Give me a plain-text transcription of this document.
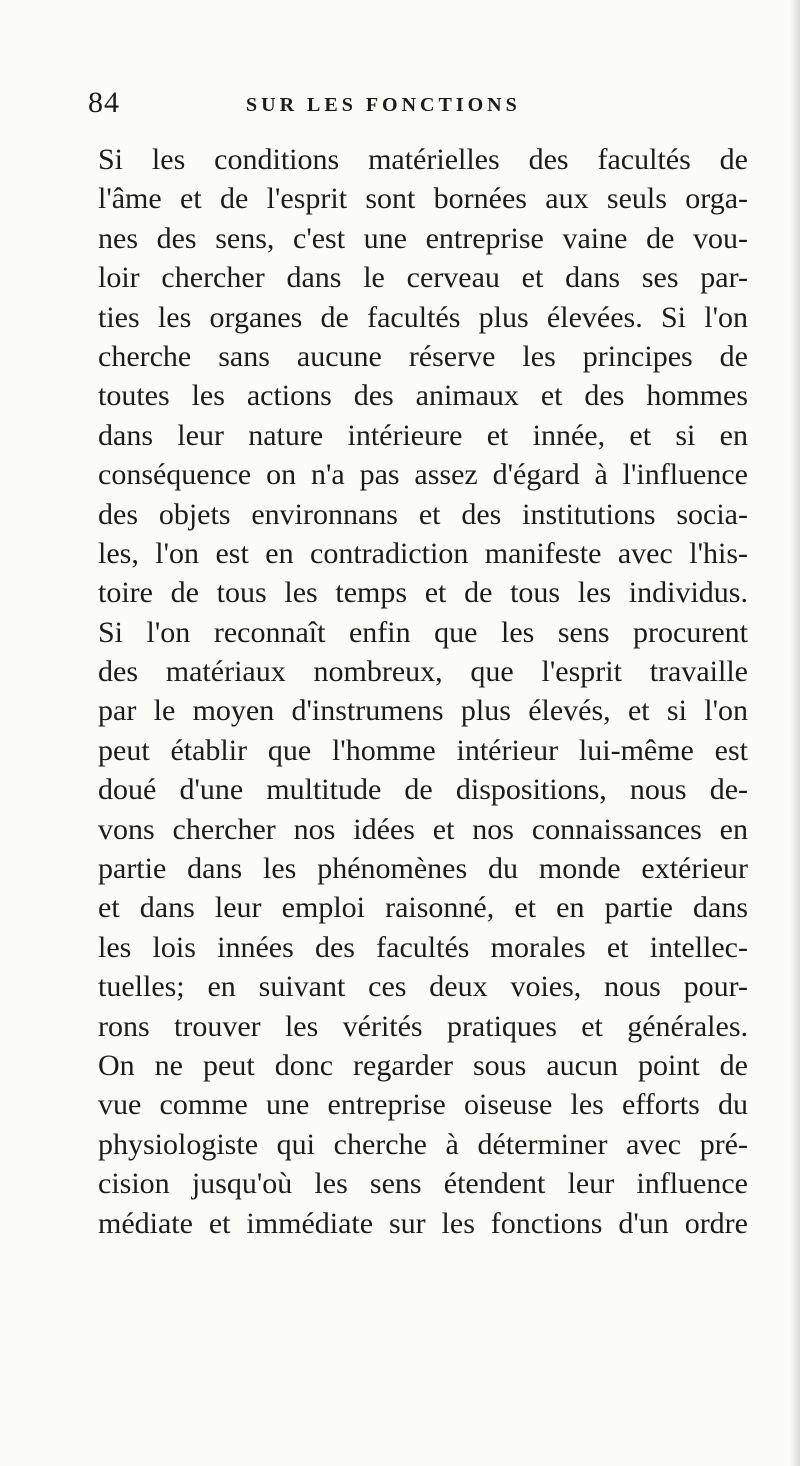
84	SUR LES FONCTIONS
Si les conditions matérielles des facultés de
l'âme et de l'esprit sont bornées aux seuls orga-
nes des sens, c'est une entreprise vaine de vou-
loir chercher dans le cerveau et dans ses par-
ties les organes de facultés plus élevées. Si l'on
cherche sans aucune réserve les principes de
toutes les actions des animaux et des hommes
dans leur nature intérieure et innée, et si en
conséquence on n'a pas assez d'égard à l'influence
des objets environnans et des institutions socia-
les, l'on est en contradiction manifeste avec l'his-
toire de tous les temps et de tous les individus.
Si l'on reconnaît enfin que les sens procurent
des matériaux nombreux, que l'esprit travaille
par le moyen d'instrumens plus élevés, et si l'on
peut établir que l'homme intérieur lui-même est
doué d'une multitude de dispositions, nous de-
vons chercher nos idées et nos connaissances en
partie dans les phénomènes du monde extérieur
et dans leur emploi raisonné, et en partie dans
les lois innées des facultés morales et intellec-
tuelles; en suivant ces deux voies, nous pour-
rons trouver les vérités pratiques et générales.
On ne peut donc regarder sous aucun point de
vue comme une entreprise oiseuse les efforts du
physiologiste qui cherche à déterminer avec pré-
cision jusqu'où les sens étendent leur influence
médiate et immédiate sur les fonctions d'un ordre
